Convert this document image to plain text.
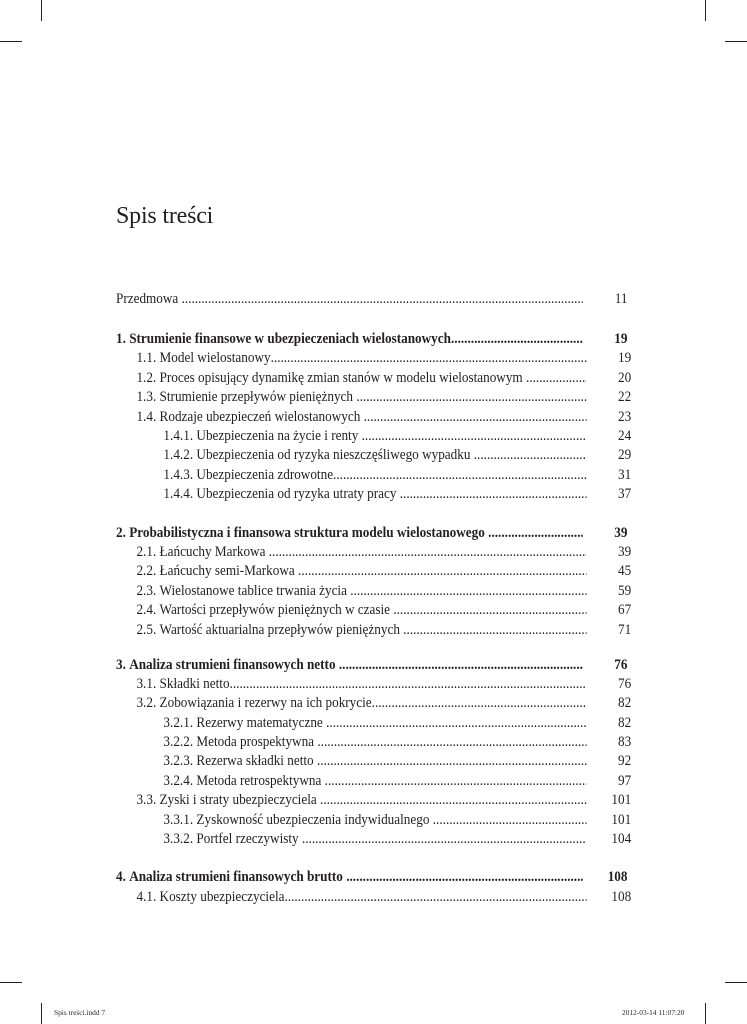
Spis treści
Przedmowa .....	11
1. Strumienie finansowe w ubezpieczeniach wielostanowych .....	19
1.1. Model wielostanowy .....	19
1.2. Proces opisujący dynamikę zmian stanów w modelu wielostanowym .....	20
1.3. Strumienie przepływów pieniężnych .....	22
1.4. Rodzaje ubezpieczeń wielostanowych .....	23
1.4.1. Ubezpieczenia na życie i renty .....	24
1.4.2. Ubezpieczenia od ryzyka nieszczęśliwego wypadku .....	29
1.4.3. Ubezpieczenia zdrowotne .....	31
1.4.4. Ubezpieczenia od ryzyka utraty pracy .....	37
2. Probabilistyczna i finansowa struktura modelu wielostanowego .....	39
2.1. Łańcuchy Markowa .....	39
2.2. Łańcuchy semi-Markowa .....	45
2.3. Wielostanowe tablice trwania życia .....	59
2.4. Wartości przepływów pieniężnych w czasie .....	67
2.5. Wartość aktuarialna przepływów pieniężnych .....	71
3. Analiza strumieni finansowych netto .....	76
3.1. Składki netto .....	76
3.2. Zobowiązania i rezerwy na ich pokrycie .....	82
3.2.1. Rezerwy matematyczne .....	82
3.2.2. Metoda prospektywna .....	83
3.2.3. Rezerwa składki netto .....	92
3.2.4. Metoda retrospektywna .....	97
3.3. Zyski i straty ubezpieczyciela .....	101
3.3.1. Zyskowność ubezpieczenia indywidualnego .....	101
3.3.2. Portfel rzeczywisty .....	104
4. Analiza strumieni finansowych brutto .....	108
4.1. Koszty ubezpieczyciela .....	108
Spis treści.indd 7	2012-03-14 11:07:20
